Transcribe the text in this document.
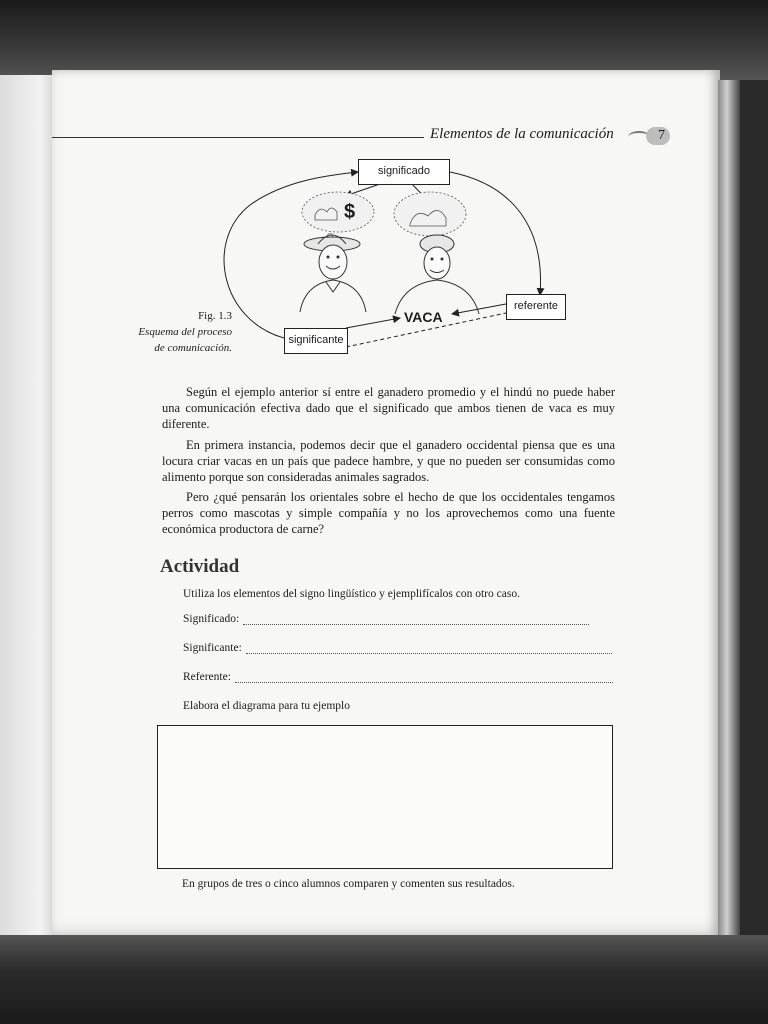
Elementos de la comunicación	7
significado
referente
significante
VACA
$
Fig. 1.3
Esquema del proceso
de comunicación.

Según el ejemplo anterior sí entre el ganadero promedio y el hindú no puede haber una comunicación efectiva dado que el significado que ambos tienen de vaca es muy diferente.

En primera instancia, podemos decir que el ganadero occidental piensa que es una locura criar vacas en un país que padece hambre, y que no pueden ser consumidas como alimento porque son consideradas animales sagrados.

Pero ¿qué pensarán los orientales sobre el hecho de que los occidentales tengamos perros como mascotas y simple compañía y no los aprovechemos como una fuente económica productora de carne?

Actividad
Utiliza los elementos del signo lingüístico y ejemplifícalos con otro caso.
Significado:
Significante:
Referente:
Elabora el diagrama para tu ejemplo
En grupos de tres o cinco alumnos comparen y comenten sus resultados.
